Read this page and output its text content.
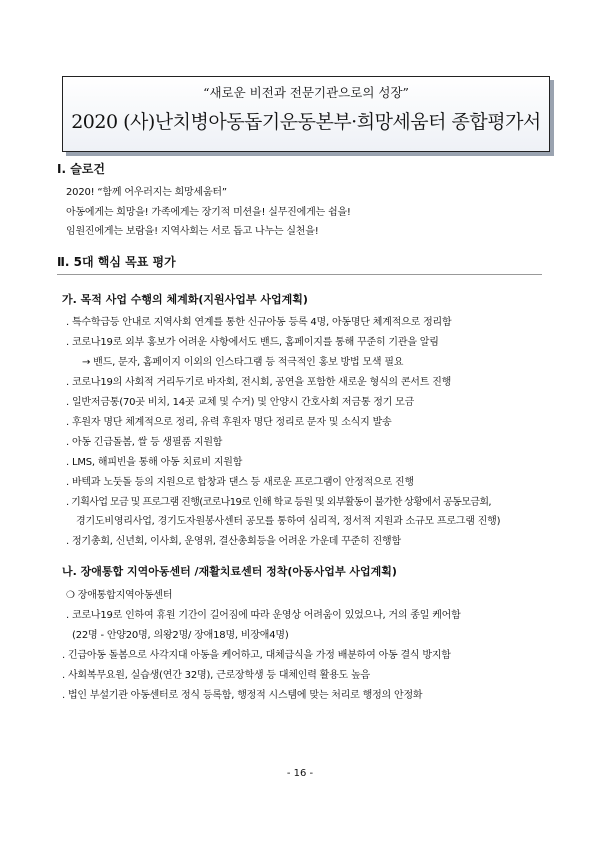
“새로운 비전과 전문기관으로의 성장”
2020 (사)난치병아동돕기운동본부·희망세움터 종합평가서
Ⅰ. 슬로건
2020! “함께 어우러지는 희망세움터”
아동에게는 희망을! 가족에게는 장기적 미션을! 실무진에게는 쉼을!
임원진에게는 보람을! 지역사회는 서로 돕고 나누는 실천을!
Ⅱ. 5대 핵심 목표 평가
가. 목적 사업 수행의 체계화(지원사업부 사업계획)
. 특수학급등 안내로 지역사회 연계를 통한 신규아동 등록 4명, 아동명단 체계적으로 정리함
. 코로나19로 외부 홍보가 어려운 사항에서도 밴드, 홈페이지를 통해 꾸준히 기관을 알림
→ 밴드, 문자, 홈페이지 이외의 인스타그램 등 적극적인 홍보 방법 모색 필요
. 코로나19의 사회적 거리두기로 바자회, 전시회, 공연을 포함한 새로운 형식의 콘서트 진행
. 일반저금통(70곳 비치, 14곳 교체 및 수거) 및 안양시 간호사회 저금통 정기 모금
. 후원자 명단 체계적으로 정리, 유력 후원자 명단 정리로 문자 및 소식지 발송
. 아동 긴급돌봄, 쌀 등 생필품 지원함
. LMS, 해피빈을 통해 아동 치료비 지원함
. 바텍과 노둣돌 등의 지원으로 합창과 댄스 등 새로운 프로그램이 안정적으로 진행
. 기획사업 모금 및 프로그램 진행(코로나19로 인해 학교 등원 및 외부활동이 불가한 상황에서 공동모금회,
경기도비영리사업, 경기도자원봉사센터 공모를 통하여 심리적, 정서적 지원과 소규모 프로그램 진행)
. 정기총회, 신년회, 이사회, 운영위, 결산총회등을 어려운 가운데 꾸준히 진행함
나. 장애통합 지역아동센터 /재활치료센터 정착(아동사업부 사업계획)
❍ 장애통합지역아동센터
. 코로나19로 인하여 휴원 기간이 길어짐에 따라 운영상 어려움이 있었으나, 거의 종일 케어함
(22명 - 안양20명, 의왕2명/ 장애18명, 비장애4명)
. 긴급아동 돌봄으로 사각지대 아동을 케어하고, 대체급식을 가정 배분하여 아동 결식 방지함
. 사회복무요원, 실습생(연간 32명), 근로장학생 등 대체인력 활용도 높음
. 법인 부설기관 아동센터로 정식 등록함, 행정적 시스템에 맞는 처리로 행정의 안정화
- 16 -
